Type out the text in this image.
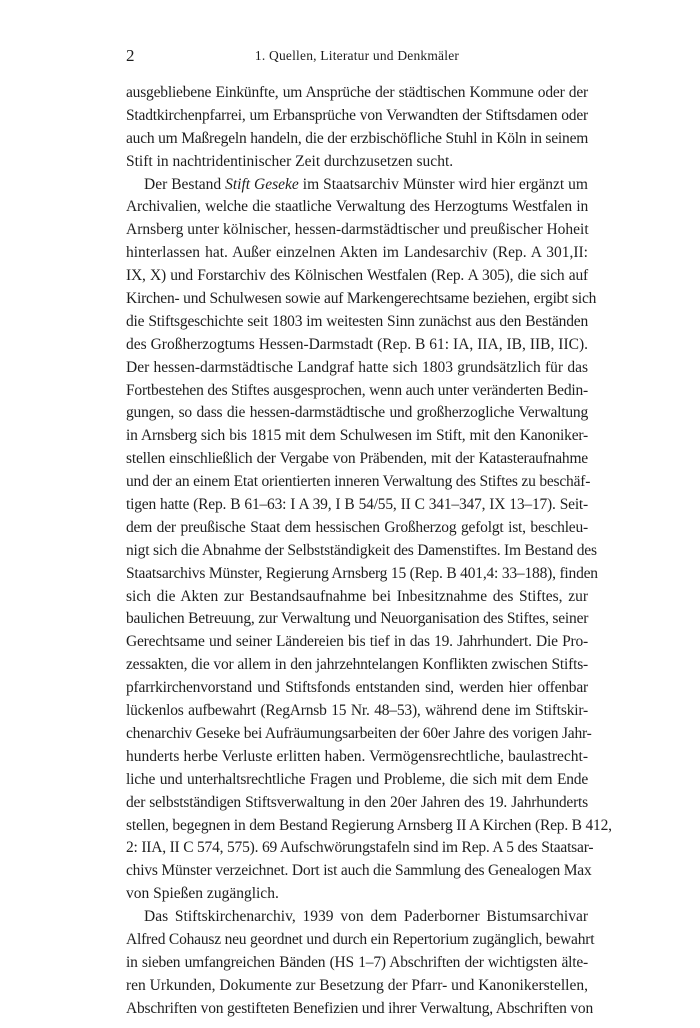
2	1. Quellen, Literatur und Denkmäler
ausgebliebene Einkünfte, um Ansprüche der städtischen Kommune oder der
Stadtkirchenpfarrei, um Erbansprüche von Verwandten der Stiftsdamen oder
auch um Maßregeln handeln, die der erzbischöfliche Stuhl in Köln in seinem
Stift in nachtridentinischer Zeit durchzusetzen sucht.
Der Bestand Stift Geseke im Staatsarchiv Münster wird hier ergänzt um
Archivalien, welche die staatliche Verwaltung des Herzogtums Westfalen in
Arnsberg unter kölnischer, hessen-darmstädtischer und preußischer Hoheit
hinterlassen hat. Außer einzelnen Akten im Landesarchiv (Rep. A 301,II:
IX, X) und Forstarchiv des Kölnischen Westfalen (Rep. A 305), die sich auf
Kirchen- und Schulwesen sowie auf Markengerechtsame beziehen, ergibt sich
die Stiftsgeschichte seit 1803 im weitesten Sinn zunächst aus den Beständen
des Großherzogtums Hessen-Darmstadt (Rep. B 61: IA, IIA, IB, IIB, IIC).
Der hessen-darmstädtische Landgraf hatte sich 1803 grundsätzlich für das
Fortbestehen des Stiftes ausgesprochen, wenn auch unter veränderten Bedin-
gungen, so dass die hessen-darmstädtische und großherzogliche Verwaltung
in Arnsberg sich bis 1815 mit dem Schulwesen im Stift, mit den Kanoniker-
stellen einschließlich der Vergabe von Präbenden, mit der Katasteraufnahme
und der an einem Etat orientierten inneren Verwaltung des Stiftes zu beschäf-
tigen hatte (Rep. B 61–63: I A 39, I B 54/55, II C 341–347, IX 13–17). Seit-
dem der preußische Staat dem hessischen Großherzog gefolgt ist, beschleu-
nigt sich die Abnahme der Selbstständigkeit des Damenstiftes. Im Bestand des
Staatsarchivs Münster, Regierung Arnsberg 15 (Rep. B 401,4: 33–188), finden
sich die Akten zur Bestandsaufnahme bei Inbesitznahme des Stiftes, zur
baulichen Betreuung, zur Verwaltung und Neuorganisation des Stiftes, seiner
Gerechtsame und seiner Ländereien bis tief in das 19. Jahrhundert. Die Pro-
zessakten, die vor allem in den jahrzehntelangen Konflikten zwischen Stifts-
pfarrkirchenvorstand und Stiftsfonds entstanden sind, werden hier offenbar
lückenlos aufbewahrt (RegArnsb 15 Nr. 48–53), während dene im Stiftskir-
chenarchiv Geseke bei Aufräumungsarbeiten der 60er Jahre des vorigen Jahr-
hunderts herbe Verluste erlitten haben. Vermögensrechtliche, baulastrecht-
liche und unterhaltsrechtliche Fragen und Probleme, die sich mit dem Ende
der selbstständigen Stiftsverwaltung in den 20er Jahren des 19. Jahrhunderts
stellen, begegnen in dem Bestand Regierung Arnsberg II A Kirchen (Rep. B 412,
2: IIA, II C 574, 575). 69 Aufschwörungstafeln sind im Rep. A 5 des Staatsar-
chivs Münster verzeichnet. Dort ist auch die Sammlung des Genealogen Max
von Spießen zugänglich.
Das Stiftskirchenarchiv, 1939 von dem Paderborner Bistumsarchivar
Alfred Cohausz neu geordnet und durch ein Repertorium zugänglich, bewahrt
in sieben umfangreichen Bänden (HS 1–7) Abschriften der wichtigsten älte-
ren Urkunden, Dokumente zur Besetzung der Pfarr- und Kanonikerstellen,
Abschriften von gestifteten Benefizien und ihrer Verwaltung, Abschriften von
